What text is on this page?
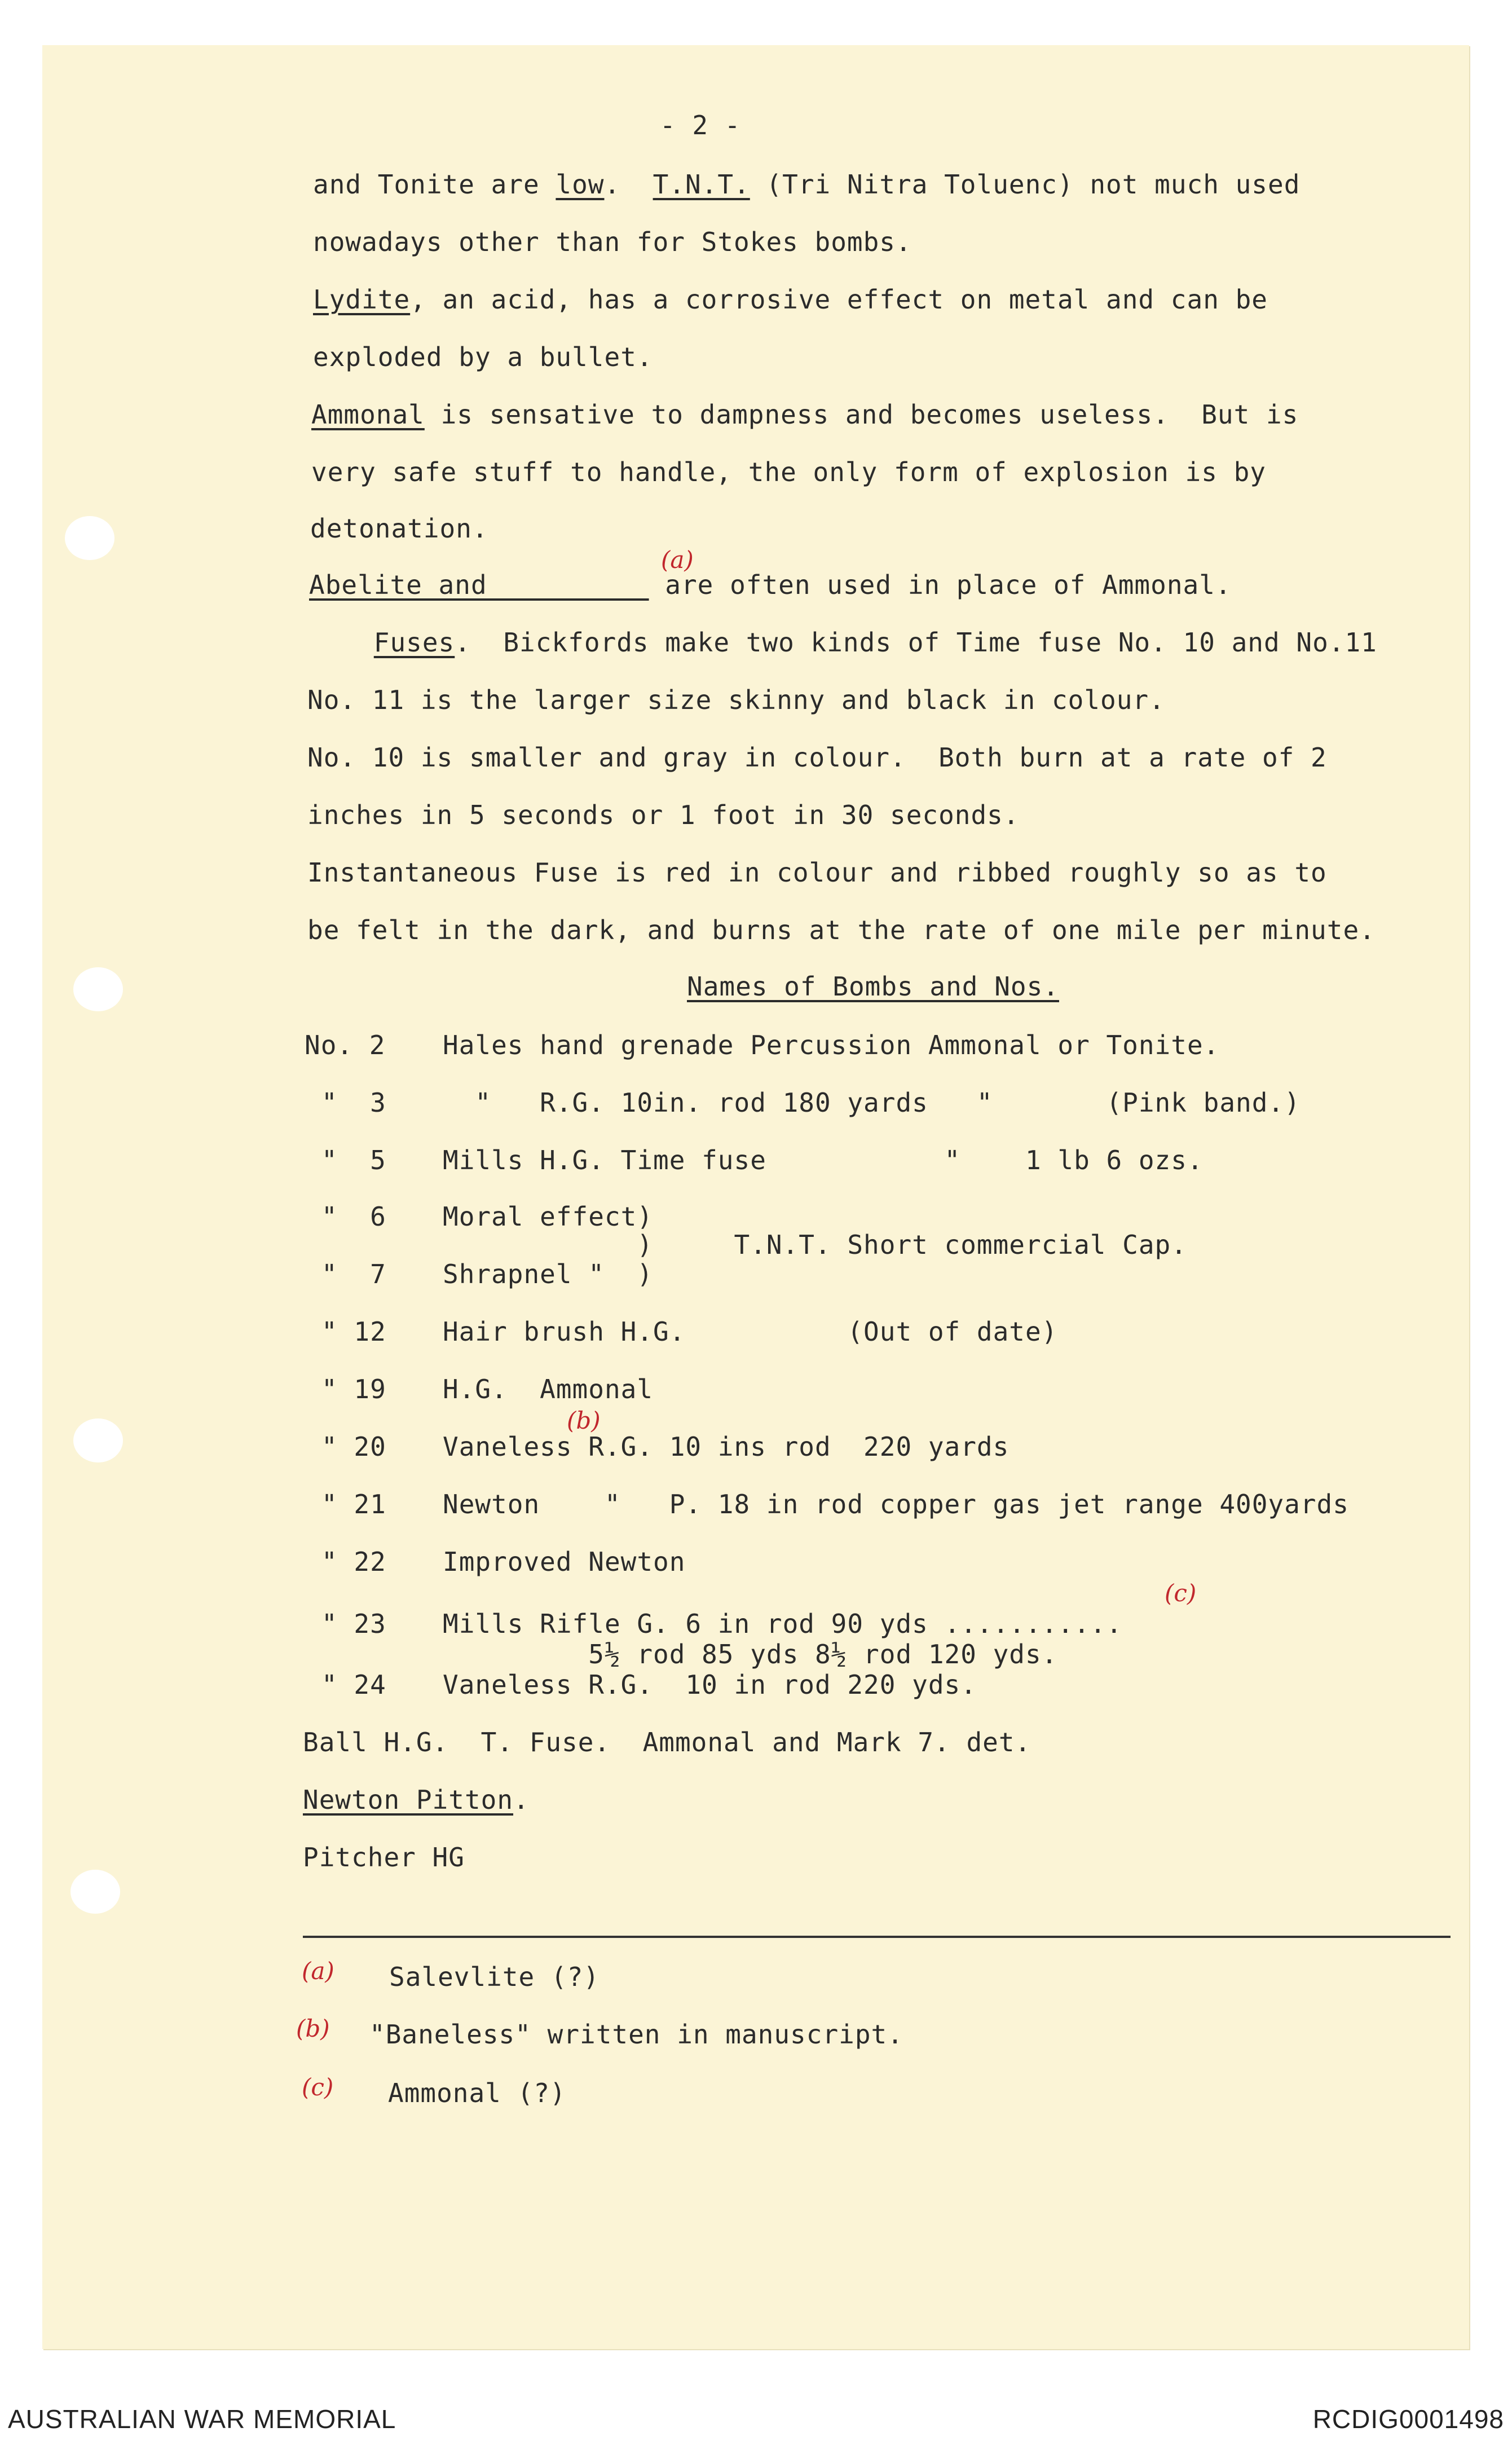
- 2 -
and Tonite are low.  T.N.T. (Tri Nitra Toluenc) not much used
nowadays other than for Stokes bombs.
Lydite, an acid, has a corrosive effect on metal and can be
exploded by a bullet.
Ammonal is sensative to dampness and becomes useless.  But is
very safe stuff to handle, the only form of explosion is by
detonation.
Abelite and           are often used in place of Ammonal.
(a)
Fuses.  Bickfords make two kinds of Time fuse No. 10 and No.11
No. 11 is the larger size skinny and black in colour.
No. 10 is smaller and gray in colour.  Both burn at a rate of 2
inches in 5 seconds or 1 foot in 30 seconds.
Instantaneous Fuse is red in colour and ribbed roughly so as to
be felt in the dark, and burns at the rate of one mile per minute.
Names of Bombs and Nos.
No. 2 Hales hand grenade Percussion Ammonal or Tonite.
"  3 "   R.G. 10in. rod 180 yards   "       (Pink band.)
"  5 Mills H.G. Time fuse           "    1 lb 6 ozs.
"  6 Moral effect)
)     T.N.T. Short commercial Cap.
"  7 Shrapnel "  )
" 12 Hair brush H.G.          (Out of date)
" 19 H.G.  Ammonal
(b)
" 20 Vaneless R.G. 10 ins rod  220 yards
" 21 Newton    "   P. 18 in rod copper gas jet range 400yards
" 22 Improved Newton
(c)
" 23 Mills Rifle G. 6 in rod 90 yds ...........
5½ rod 85 yds 8½ rod 120 yds.
" 24 Vaneless R.G.  10 in rod 220 yds.
Ball H.G.  T. Fuse.  Ammonal and Mark 7. det.
Newton Pitton.
Pitcher HG
(a) Salevlite (?)
(b) "Baneless" written in manuscript.
(c) Ammonal (?)
AUSTRALIAN WAR MEMORIAL	RCDIG0001498
